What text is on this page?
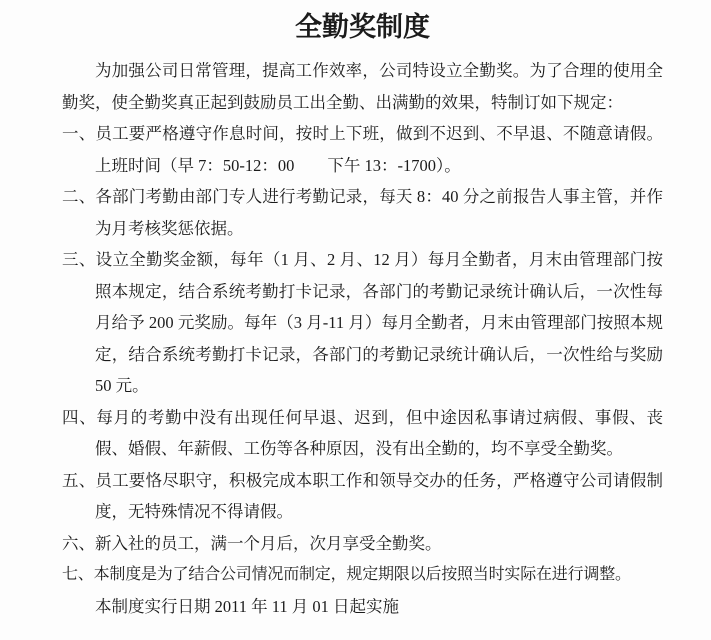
全勤奖制度

为加强公司日常管理，提高工作效率，公司特设立全勤奖。为了合理的使用全勤奖，使全勤奖真正起到鼓励员工出全勤、出满勤的效果，特制订如下规定：

一、员工要严格遵守作息时间，按时上下班，做到不迟到、不早退、不随意请假。上班时间（早 7：50-12：00　　下午 13：-1700）。

二、各部门考勤由部门专人进行考勤记录，每天 8：40 分之前报告人事主管，并作为月考核奖惩依据。

三、设立全勤奖金额，每年（1 月、2 月、12 月）每月全勤者，月末由管理部门按照本规定，结合系统考勤打卡记录，各部门的考勤记录统计确认后，一次性每月给予 200 元奖励。每年（3 月-11 月）每月全勤者，月末由管理部门按照本规定，结合系统考勤打卡记录，各部门的考勤记录统计确认后，一次性给与奖励 50 元。

四、每月的考勤中没有出现任何早退、迟到，但中途因私事请过病假、事假、丧假、婚假、年薪假、工伤等各种原因，没有出全勤的，均不享受全勤奖。

五、员工要恪尽职守，积极完成本职工作和领导交办的任务，严格遵守公司请假制度，无特殊情况不得请假。

六、新入社的员工，满一个月后，次月享受全勤奖。

七、本制度是为了结合公司情况而制定，规定期限以后按照当时实际在进行调整。

本制度实行日期 2011 年 11 月 01 日起实施
